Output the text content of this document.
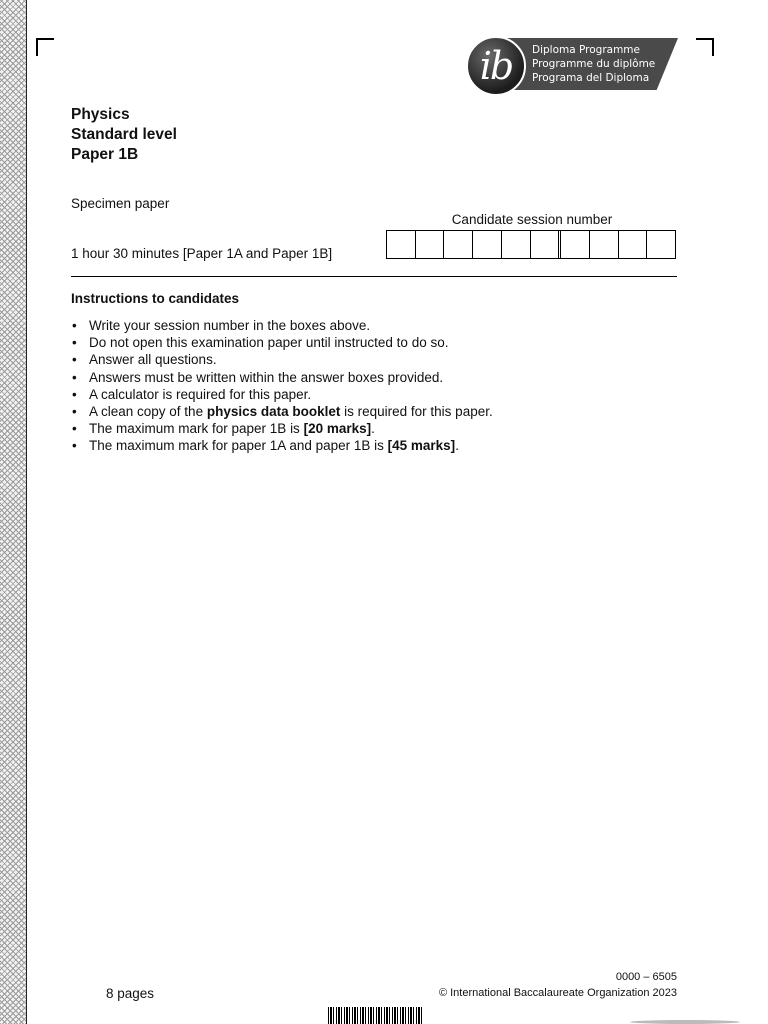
ib	Diploma Programme
Programme du diplôme
Programa del Diploma
Physics
Standard level
Paper 1B
Specimen paper
1 hour 30 minutes [Paper 1A and Paper 1B]
Candidate session number
Instructions to candidates
• Write your session number in the boxes above.
• Do not open this examination paper until instructed to do so.
• Answer all questions.
• Answers must be written within the answer boxes provided.
• A calculator is required for this paper.
• A clean copy of the physics data booklet is required for this paper.
• The maximum mark for paper 1B is [20 marks].
• The maximum mark for paper 1A and paper 1B is [45 marks].
8 pages
0000 – 6505
© International Baccalaureate Organization 2023
